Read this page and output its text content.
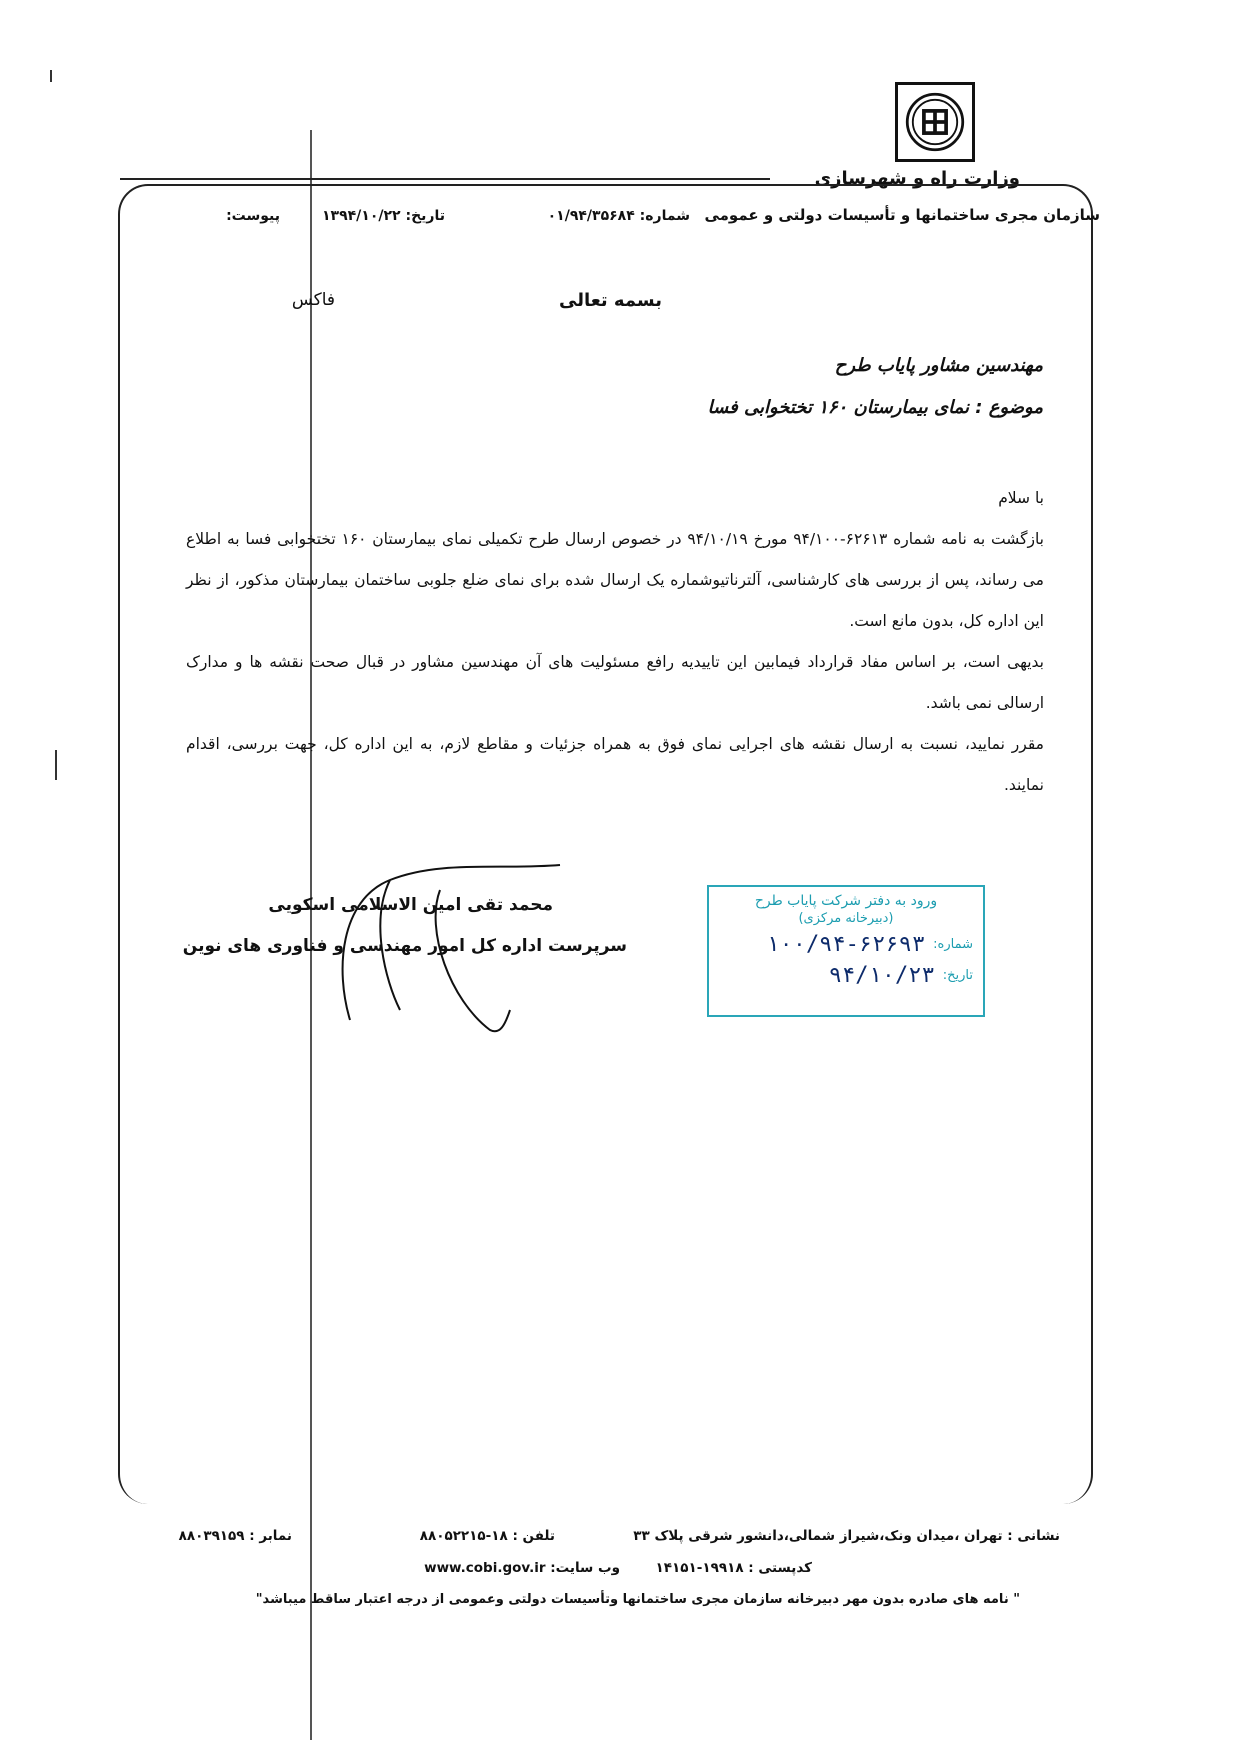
وزارت راه و شهرسازی
سازمان مجری ساختمانها و تأسیسات دولتی و عمومی
شماره: ۰۱/۹۴/۳۵۶۸۴
تاریخ: ۱۳۹۴/۱۰/۲۲
پیوست:
بسمه تعالی
فاکس
مهندسین مشاور پایاب طرح
موضوع : نمای بیمارستان ۱۶۰ تختخوابی فسا

با سلام

بازگشت به نامه شماره ۶۲۶۱۳-۹۴/۱۰۰ مورخ ۹۴/۱۰/۱۹ در خصوص ارسال طرح تکمیلی نمای بیمارستان ۱۶۰ تختخوابی فسا به اطلاع می رساند، پس از بررسی های کارشناسی، آلترناتیوشماره یک ارسال شده برای نمای ضلع جلوبی ساختمان بیمارستان مذکور، از نظر این اداره کل، بدون مانع است.

بدیهی است، بر اساس مفاد قرارداد فیمابین این تاییدیه رافع مسئولیت های آن مهندسین مشاور در قبال صحت نقشه ها و مدارک ارسالی نمی باشد.

مقرر نمایید، نسبت به ارسال نقشه های اجرایی نمای فوق به همراه جزئیات و مقاطع لازم، به این اداره کل، جهت بررسی، اقدام نمایند.

محمد تقی امین الاسلامی اسکویی
سرپرست اداره کل امور مهندسی و فناوری های نوین
ورود به دفتر شرکت پایاب طرح
(دبیرخانه مرکزی)
شماره:
۱۰۰/۹۴-۶۲۶۹۳
تاریخ:
۹۴/۱۰/۲۳
نشانی : تهران ،میدان ونک،شیراز شمالی،دانشور شرقی پلاک ۳۳
تلفن : ۱۸-۸۸۰۵۲۲۱۵
نمابر : ۸۸۰۳۹۱۵۹
کدپستی : ۱۹۹۱۸-۱۴۱۵۱
وب سایت: www.cobi.gov.ir
" نامه های صادره بدون مهر دبیرخانه سازمان مجری ساختمانها وتأسیسات دولتی وعمومی از درجه اعتبار ساقط میباشد"
